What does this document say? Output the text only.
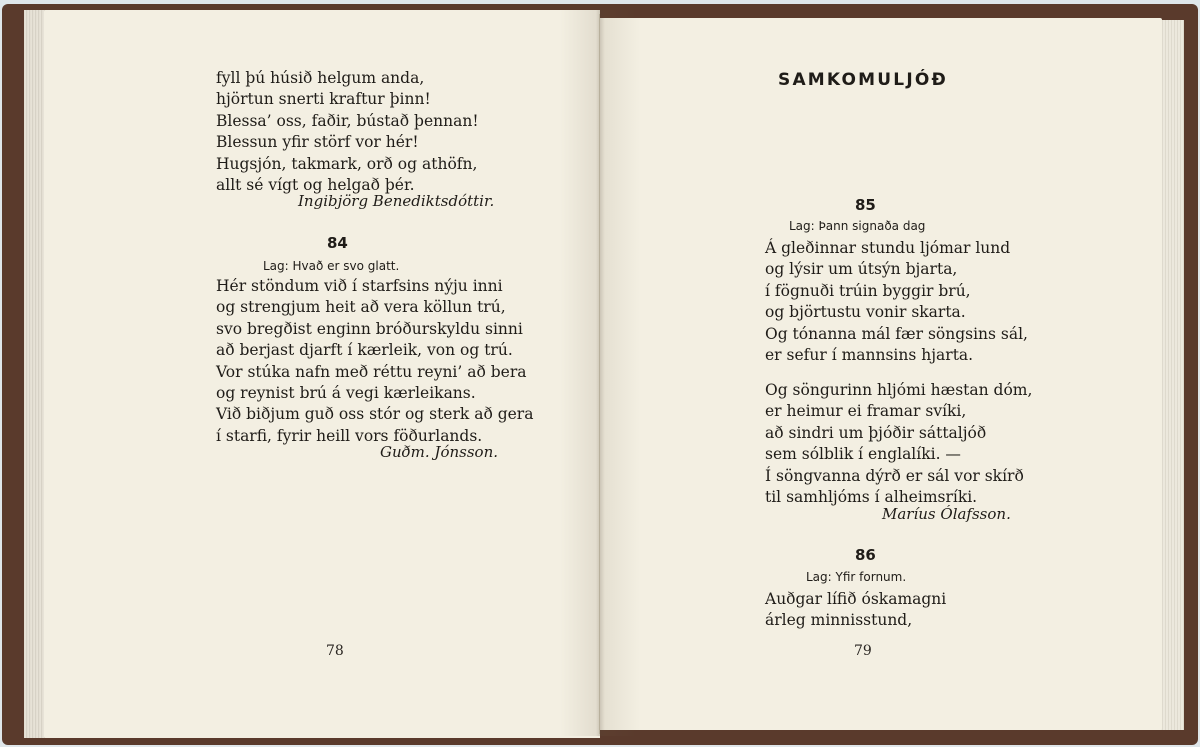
fyll þú húsið helgum anda,
hjörtun snerti kraftur þinn!
Blessa’ oss, faðir, bústað þennan!
Blessun yfir störf vor hér!
Hugsjón, takmark, orð og athöfn,
allt sé vígt og helgað þér.
Ingibjörg Benediktsdóttir.
84
Lag: Hvað er svo glatt.
Hér stöndum við í starfsins nýju inni
og strengjum heit að vera köllun trú,
svo bregðist enginn bróðurskyldu sinni
að berjast djarft í kærleik, von og trú.
Vor stúka nafn með réttu reyni’ að bera
og reynist brú á vegi kærleikans.
Við biðjum guð oss stór og sterk að gera
í starfi, fyrir heill vors föðurlands.
Guðm. Jónsson.
78
SAMKOMULJÓÐ
85
Lag: Þann signaða dag
Á gleðinnar stundu ljómar lund
og lýsir um útsýn bjarta,
í fögnuði trúin byggir brú,
og björtustu vonir skarta.
Og tónanna mál fær söngsins sál,
er sefur í mannsins hjarta.
Og söngurinn hljómi hæstan dóm,
er heimur ei framar svíki,
að sindri um þjóðir sáttaljóð
sem sólblik í englalíki. —
Í söngvanna dýrð er sál vor skírð
til samhljóms í alheimsríki.
Maríus Ólafsson.
86
Lag: Yfir fornum.
Auðgar lífið óskamagni
árleg minnisstund,
79
